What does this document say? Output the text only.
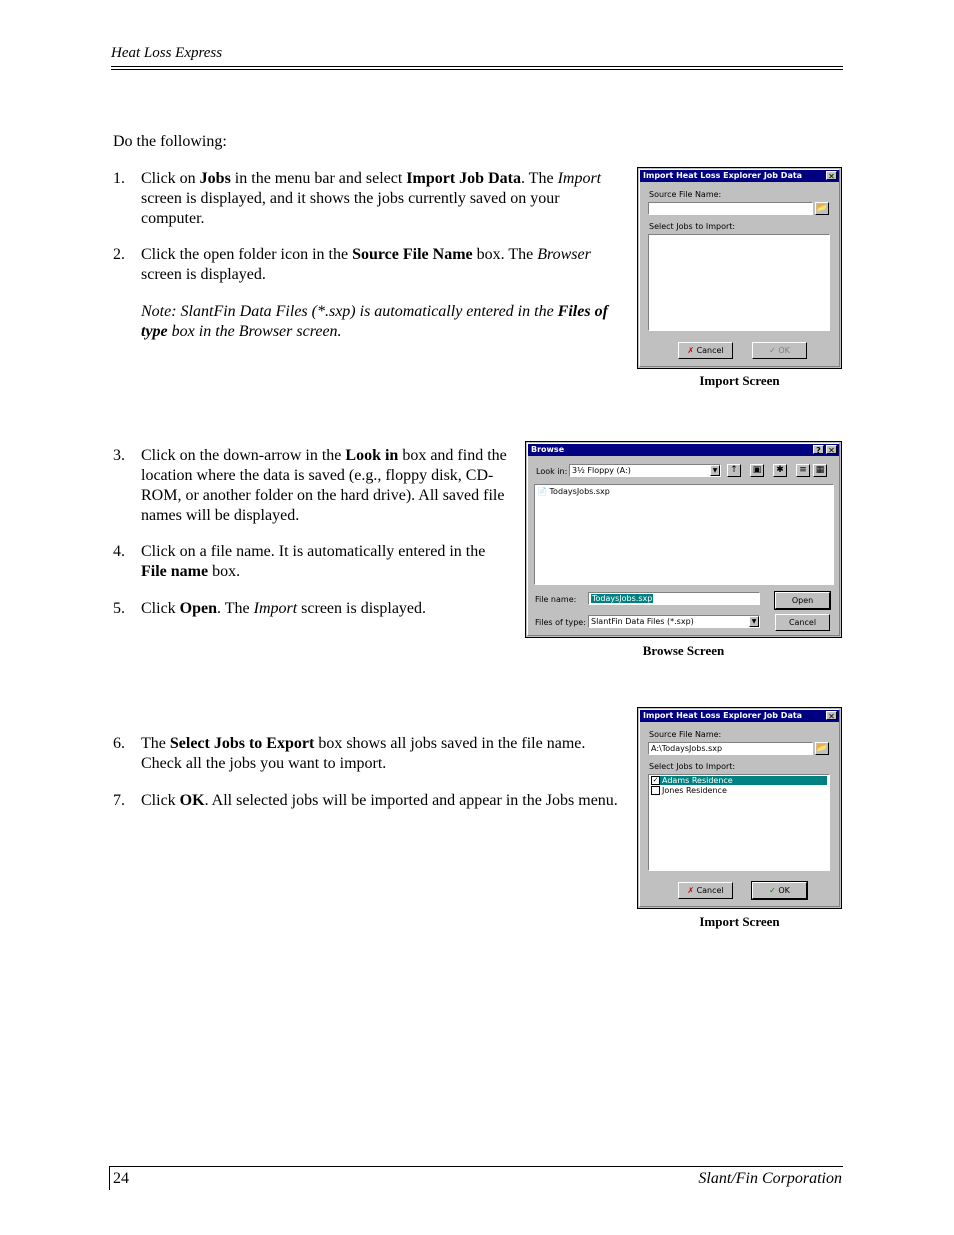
Heat Loss Express
Do the following:
1.	Click on Jobs in the menu bar and select Import Job Data. The Import screen is displayed, and it shows the jobs currently saved on your computer.
2.	Click the open folder icon in the Source File Name box. The Browser screen is displayed.
Note: SlantFin Data Files (*.sxp) is automatically entered in the Files of type box in the Browser screen.
3.	Click on the down-arrow in the Look in box and find the location where the data is saved (e.g., floppy disk, CD-ROM, or another folder on the hard drive). All saved file names will be displayed.
4.	Click on a file name. It is automatically entered in the File name box.
5.	Click Open. The Import screen is displayed.
6.	The Select Jobs to Export box shows all jobs saved in the file name. Check all the jobs you want to import.
7.	Click OK. All selected jobs will be imported and appear in the Jobs menu.
Import Heat Loss Explorer Job Data	✕
Source File Name:
📂
Select Jobs to Import:
✗ Cancel	✓ OK
Import Screen
Browse	? ✕
Look in: 3½ Floppy (A:)	▼	↑	▣	✱	≡ ▦
📄 TodaysJobs.sxp
File name:	TodaysJobs.sxp
Files of type: SlantFin Data Files (*.sxp)	▼
Open
Cancel
Browse Screen
Import Heat Loss Explorer Job Data	✕
Source File Name:
A:\TodaysJobs.sxp	📂
Select Jobs to Import:
✓ Adams Residence
Jones Residence
✗ Cancel	✓ OK
Import Screen
24	Slant/Fin Corporation
